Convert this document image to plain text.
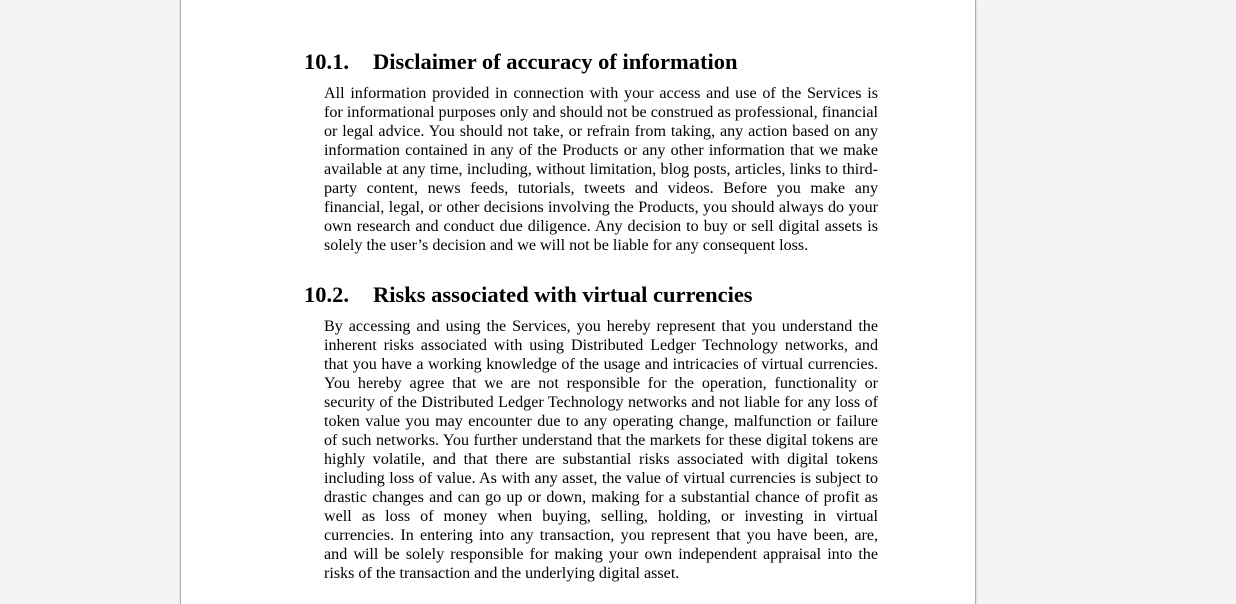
10.1.	Disclaimer of accuracy of information

All information provided in connection with your access and use of the Services is for informational purposes only and should not be construed as professional, financial or legal advice. You should not take, or refrain from taking, any action based on any information contained in any of the Products or any other information that we make available at any time, including, without limitation, blog posts, articles, links to third-party content, news feeds, tutorials, tweets and videos. Before you make any financial, legal, or other decisions involving the Products, you should always do your own research and conduct due diligence. Any decision to buy or sell digital assets is solely the user’s decision and we will not be liable for any consequent loss.

10.2.	Risks associated with virtual currencies

By accessing and using the Services, you hereby represent that you understand the inherent risks associated with using Distributed Ledger Technology networks, and that you have a working knowledge of the usage and intricacies of virtual currencies. You hereby agree that we are not responsible for the operation, functionality or security of the Distributed Ledger Technology networks and not liable for any loss of token value you may encounter due to any operating change, malfunction or failure of such networks. You further understand that the markets for these digital tokens are highly volatile, and that there are substantial risks associated with digital tokens including loss of value. As with any asset, the value of virtual currencies is subject to drastic changes and can go up or down, making for a substantial chance of profit as well as loss of money when buying, selling, holding, or investing in virtual currencies. In entering into any transaction, you represent that you have been, are, and will be solely responsible for making your own independent appraisal into the risks of the transaction and the underlying digital asset.
